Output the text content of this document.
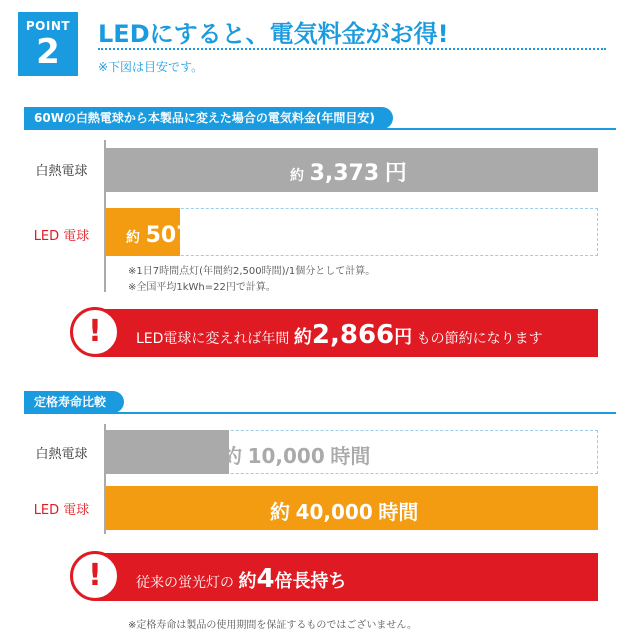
POINT
2	LEDにすると、電気料金がお得!
※下図は目安です。
60Wの白熱電球から本製品に変えた場合の電気料金(年間目安)
白熱電球
LED 電球
約 3,373 円
約 507 円
※1日7時間点灯(年間約2,500時間)/1個分として計算。
※全国平均1kWh=22円で計算。
!	LED電球に変えれば年間 約2,866円 もの節約になります
定格寿命比較
白熱電球
LED 電球
約 10,000 時間
約 40,000 時間
!	従来の蛍光灯の 約4倍長持ち
※定格寿命は製品の使用期間を保証するものではございません。
